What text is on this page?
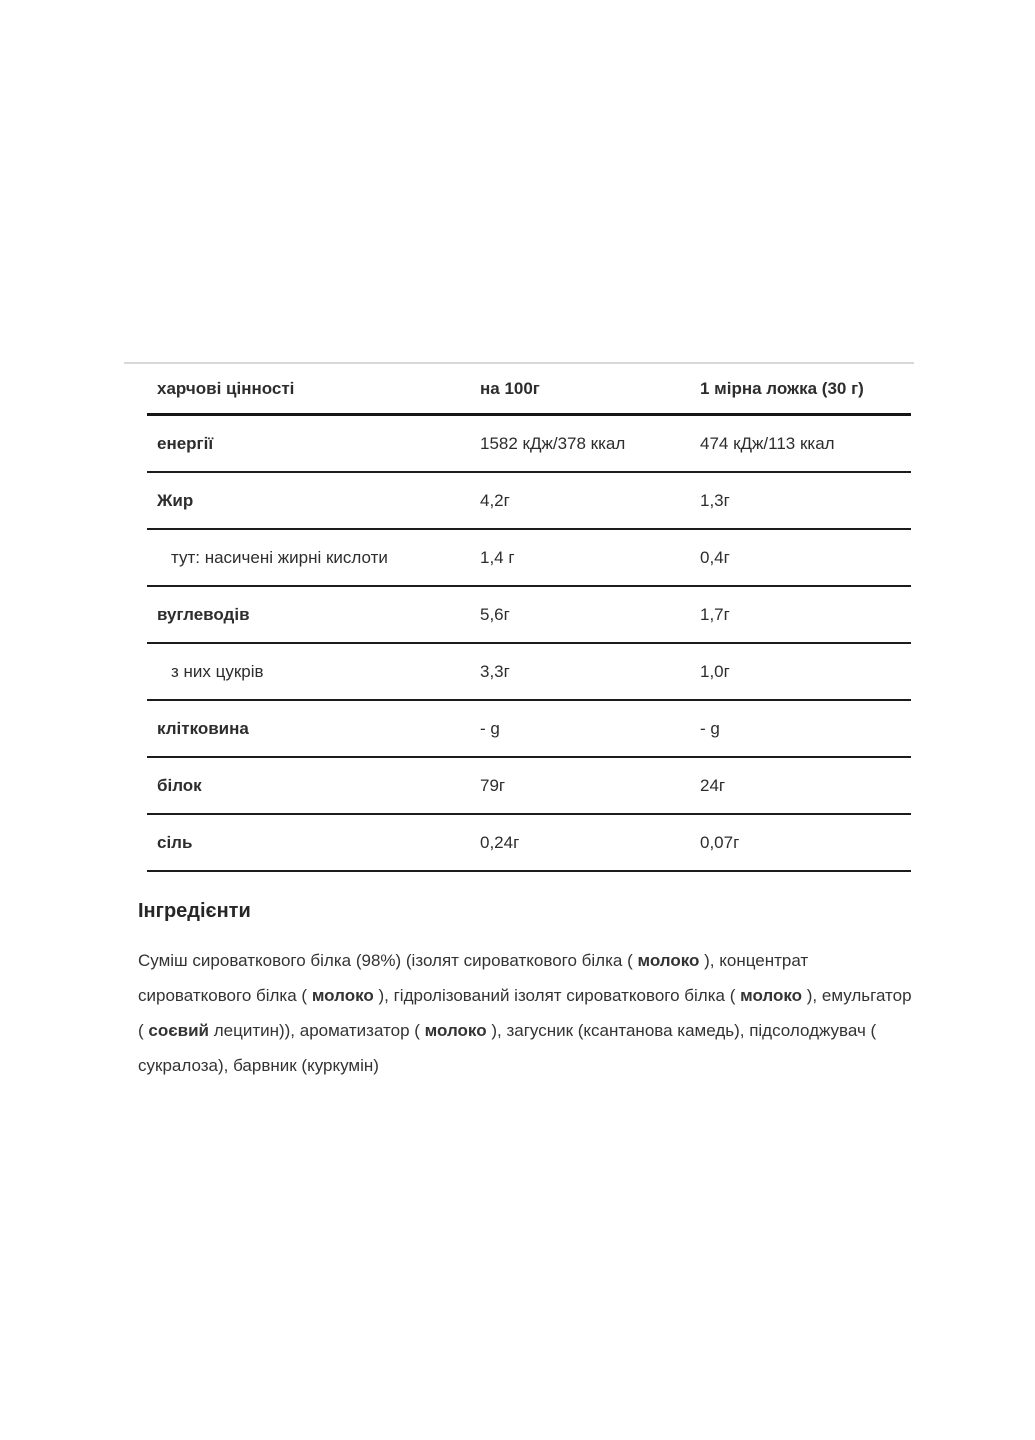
харчові цінності	на 100г	1 мірна ложка (30 г)
енергії	1582 кДж/378 ккал	474 кДж/113 ккал
Жир	4,2г	1,3г
тут: насичені жирні кислоти	1,4 г	0,4г
вуглеводів	5,6г	1,7г
з них цукрів	3,3г	1,0г
клітковина	- g	- g
білок	79г	24г
сіль	0,24г	0,07г
Інгредієнти

Суміш сироваткового білка (98%) (ізолят сироваткового білка ( молоко ), концентрат сироваткового білка ( молоко ), гідролізований ізолят сироваткового білка ( молоко ), емульгатор ( соєвий лецитин)), ароматизатор ( молоко ), загусник (ксантанова камедь), підсолоджувач ( сукралоза), барвник (куркумін)
